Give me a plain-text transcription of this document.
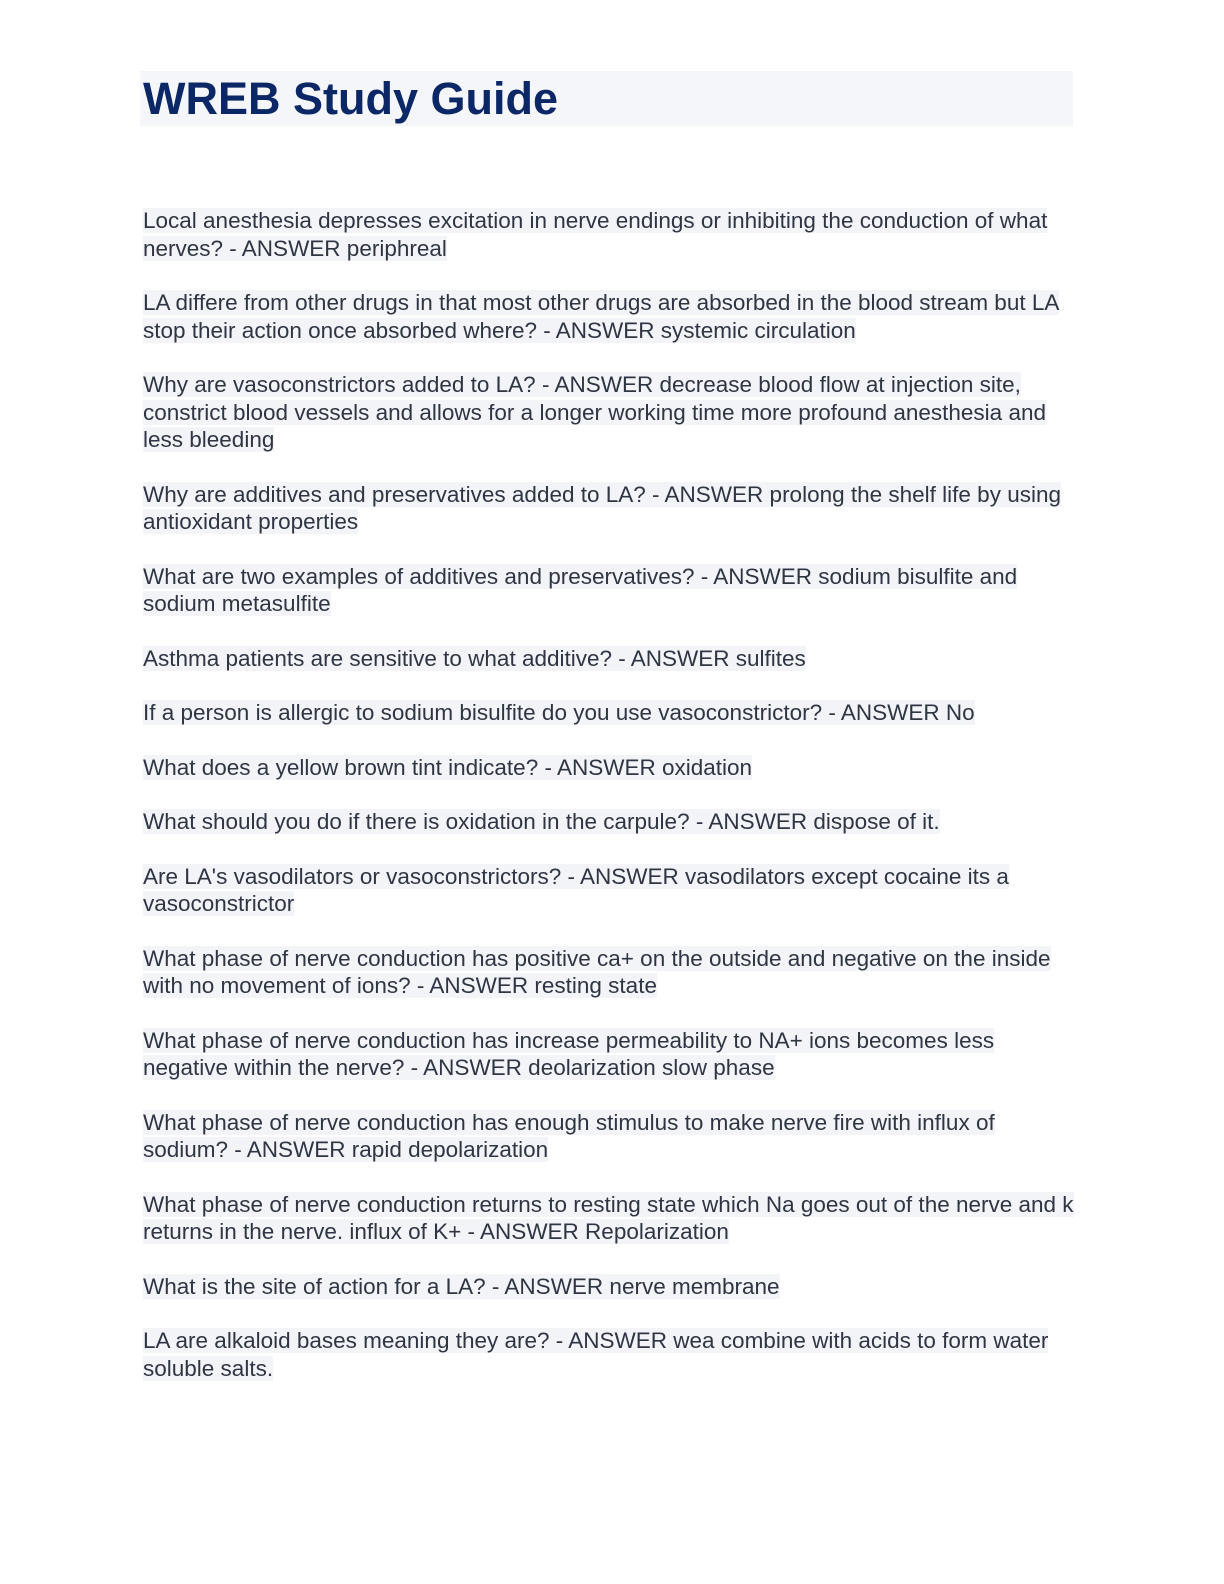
WREB Study Guide
Local anesthesia depresses excitation in nerve endings or inhibiting the conduction of what nerves? - ANSWER periphreal
LA differe from other drugs in that most other drugs are absorbed in the blood stream but LA stop their action once absorbed where? - ANSWER systemic circulation
Why are vasoconstrictors added to LA? - ANSWER decrease blood flow at injection site, constrict blood vessels and allows for a longer working time more profound anesthesia and less bleeding
Why are additives and preservatives added to LA? - ANSWER prolong the shelf life by using antioxidant properties
What are two examples of additives and preservatives? - ANSWER sodium bisulfite and sodium metasulfite
Asthma patients are sensitive to what additive? - ANSWER sulfites
If a person is allergic to sodium bisulfite do you use vasoconstrictor? - ANSWER No
What does a yellow brown tint indicate? - ANSWER oxidation
What should you do if there is oxidation in the carpule? - ANSWER dispose of it.
Are LA's vasodilators or vasoconstrictors? - ANSWER vasodilators except cocaine its a vasoconstrictor
What phase of nerve conduction has positive ca+ on the outside and negative on the inside with no movement of ions? - ANSWER resting state
What phase of nerve conduction has increase permeability to NA+ ions becomes less negative within the nerve? - ANSWER deolarization slow phase
What phase of nerve conduction has enough stimulus to make nerve fire with influx of sodium? - ANSWER rapid depolarization
What phase of nerve conduction returns to resting state which Na goes out of the nerve and k returns in the nerve. influx of K+ - ANSWER Repolarization
What is the site of action for a LA? - ANSWER nerve membrane
LA are alkaloid bases meaning they are? - ANSWER wea combine with acids to form water soluble salts.
